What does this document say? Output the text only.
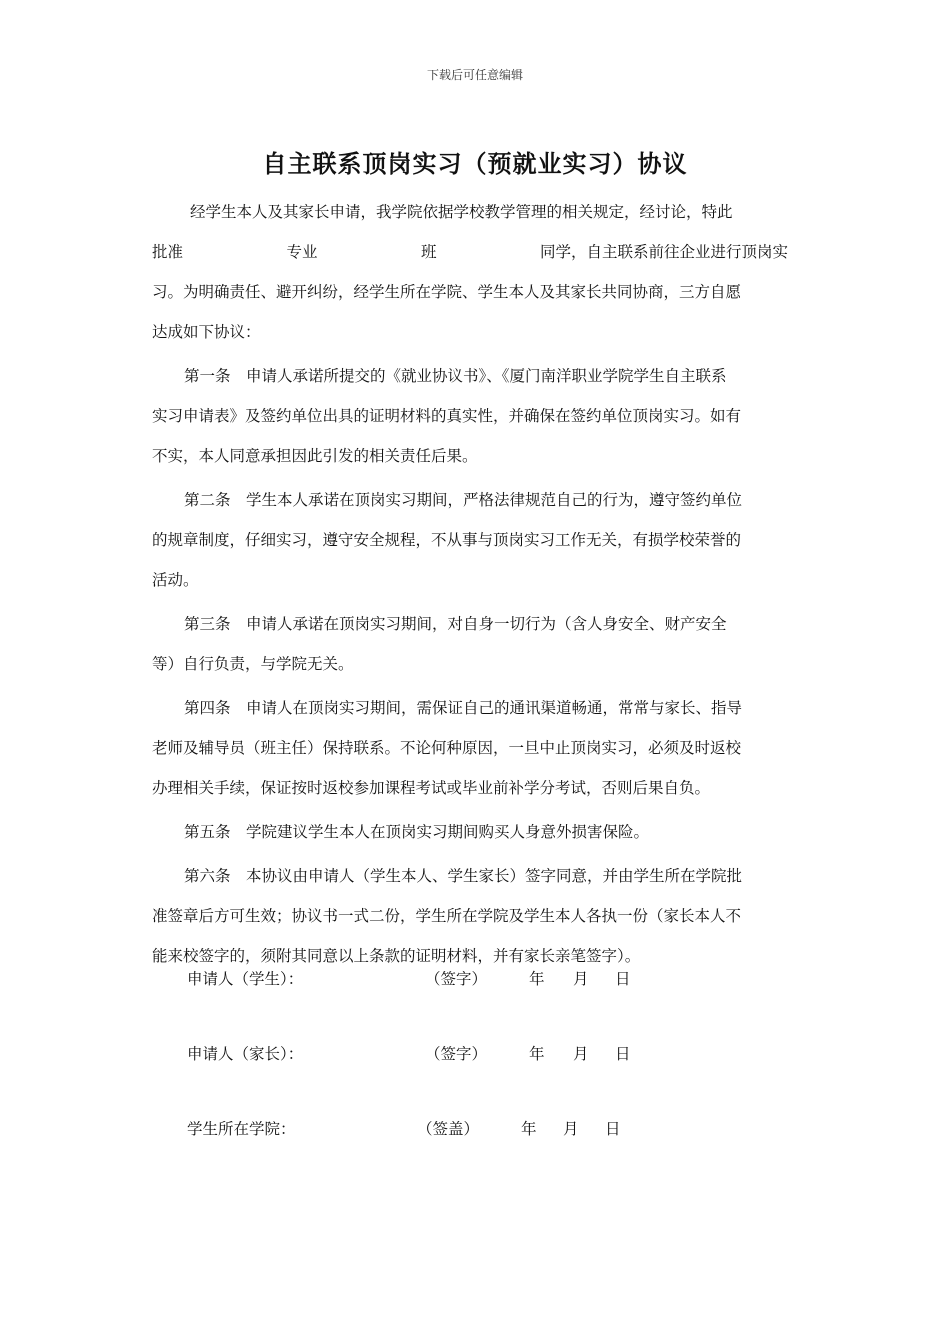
下载后可任意编辑
自主联系顶岗实习（预就业实习）协议
经学生本人及其家长申请，我学院依据学校教学管理的相关规定，经讨论，特此
批准	专业	班	同学，自主联系前往企业进行顶岗实
习。为明确责任、避开纠纷，经学生所在学院、学生本人及其家长共同协商，三方自愿
达成如下协议：
第一条　申请人承诺所提交的《就业协议书》、《厦门南洋职业学院学生自主联系
实习申请表》及签约单位出具的证明材料的真实性，并确保在签约单位顶岗实习。如有
不实，本人同意承担因此引发的相关责任后果。
第二条　学生本人承诺在顶岗实习期间，严格法律规范自己的行为，遵守签约单位
的规章制度，仔细实习，遵守安全规程，不从事与顶岗实习工作无关，有损学校荣誉的
活动。
第三条　申请人承诺在顶岗实习期间，对自身一切行为（含人身安全、财产安全
等）自行负责，与学院无关。
第四条　申请人在顶岗实习期间，需保证自己的通讯渠道畅通，常常与家长、指导
老师及辅导员（班主任）保持联系。不论何种原因，一旦中止顶岗实习，必须及时返校
办理相关手续，保证按时返校参加课程考试或毕业前补学分考试，否则后果自负。
第五条　学院建议学生本人在顶岗实习期间购买人身意外损害保险。
第六条　本协议由申请人（学生本人、学生家长）签字同意，并由学生所在学院批
准签章后方可生效；协议书一式二份，学生所在学院及学生本人各执一份（家长本人不
能来校签字的，须附其同意以上条款的证明材料，并有家长亲笔签字）。
申请人（学生）：	（签字）	年 月 日
申请人（家长）：	（签字）	年 月 日
学生所在学院：	（签盖）	年 月 日
